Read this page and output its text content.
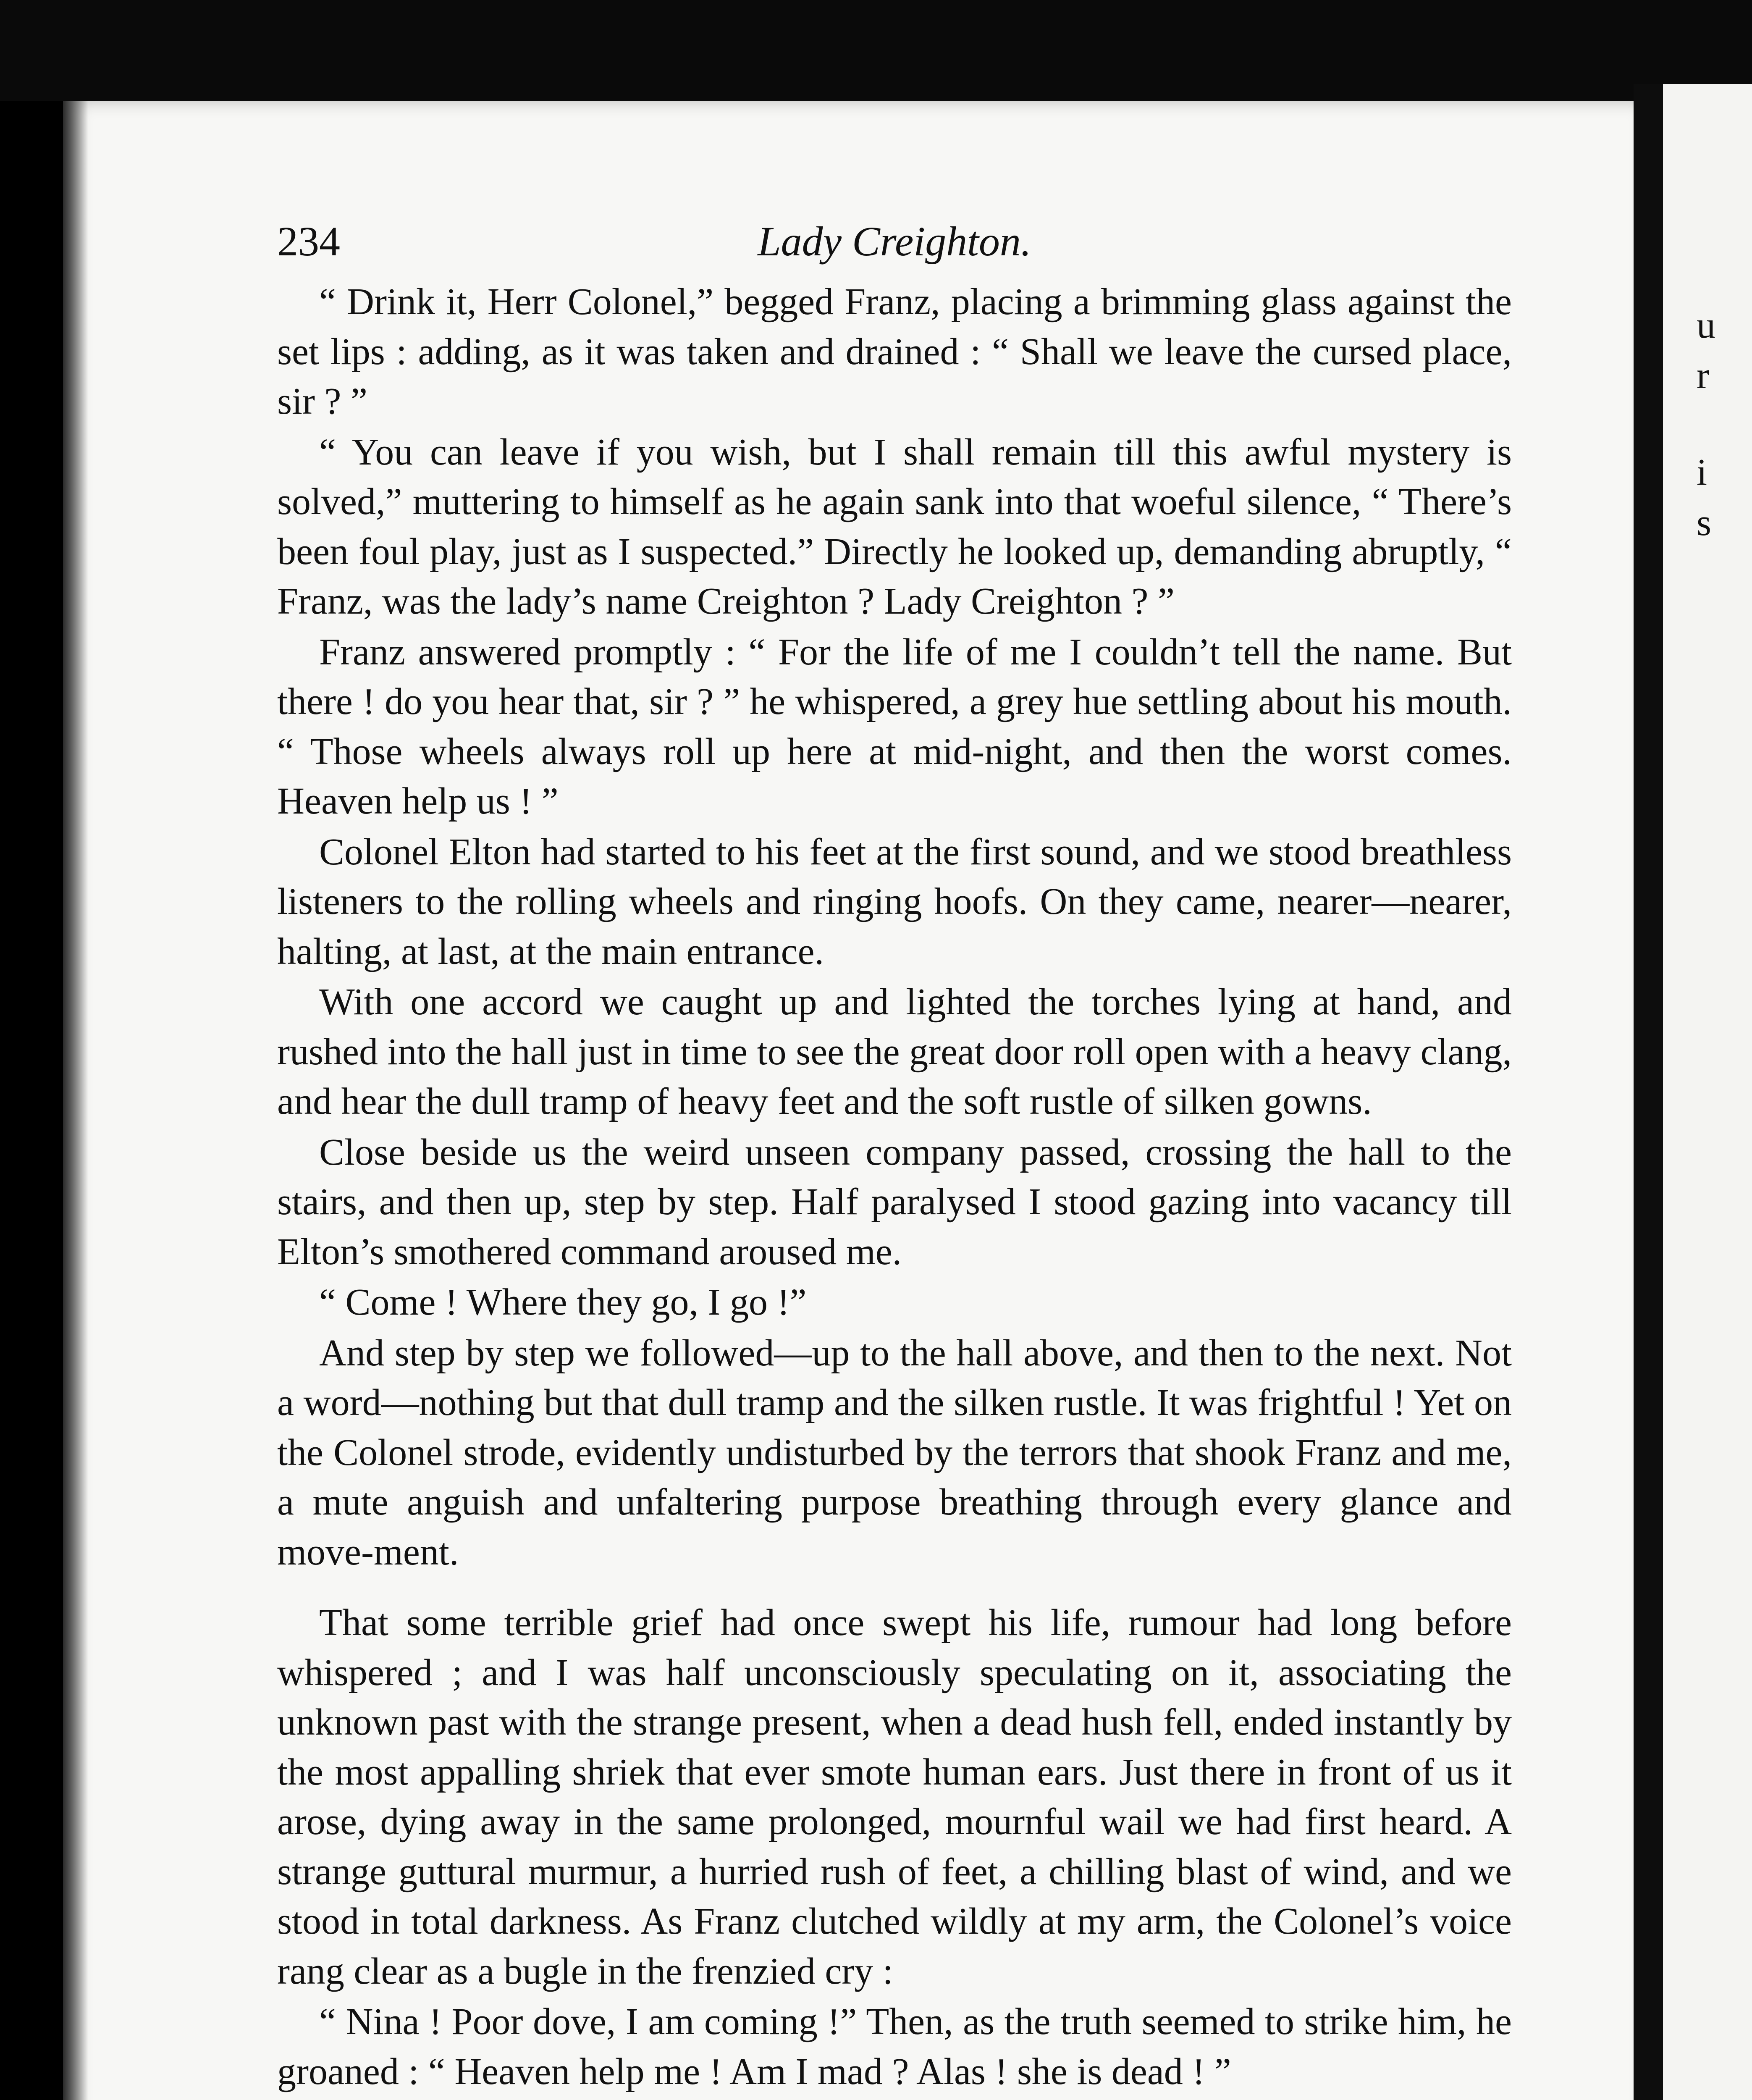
u
r
i
s
234	Lady Creighton.

“ Drink it, Herr Colonel,” begged Franz, placing a brimming glass against the set lips : adding, as it was taken and drained : “ Shall we leave the cursed place, sir ? ”

“ You can leave if you wish, but I shall remain till this awful mystery is solved,” muttering to himself as he again sank into that woeful silence, “ There’s been foul play, just as I suspected.” Directly he looked up, demanding abruptly, “ Franz, was the lady’s name Creighton ? Lady Creighton ? ”

Franz answered promptly : “ For the life of me I couldn’t tell the name. But there ! do you hear that, sir ? ” he whispered, a grey hue settling about his mouth. “ Those wheels always roll up here at mid-night, and then the worst comes. Heaven help us ! ”

Colonel Elton had started to his feet at the first sound, and we stood breathless listeners to the rolling wheels and ringing hoofs. On they came, nearer—nearer, halting, at last, at the main entrance.

With one accord we caught up and lighted the torches lying at hand, and rushed into the hall just in time to see the great door roll open with a heavy clang, and hear the dull tramp of heavy feet and the soft rustle of silken gowns.

Close beside us the weird unseen company passed, crossing the hall to the stairs, and then up, step by step. Half paralysed I stood gazing into vacancy till Elton’s smothered command aroused me.

“ Come ! Where they go, I go !”

And step by step we followed—up to the hall above, and then to the next. Not a word—nothing but that dull tramp and the silken rustle. It was frightful ! Yet on the Colonel strode, evidently undisturbed by the terrors that shook Franz and me, a mute anguish and unfaltering purpose breathing through every glance and move-ment.

That some terrible grief had once swept his life, rumour had long before whispered ; and I was half unconsciously speculating on it, associating the unknown past with the strange present, when a dead hush fell, ended instantly by the most appalling shriek that ever smote human ears. Just there in front of us it arose, dying away in the same prolonged, mournful wail we had first heard. A strange guttural murmur, a hurried rush of feet, a chilling blast of wind, and we stood in total darkness. As Franz clutched wildly at my arm, the Colonel’s voice rang clear as a bugle in the frenzied cry :

“ Nina ! Poor dove, I am coming !” Then, as the truth seemed to strike him, he groaned : “ Heaven help me ! Am I mad ? Alas ! she is dead ! ”
